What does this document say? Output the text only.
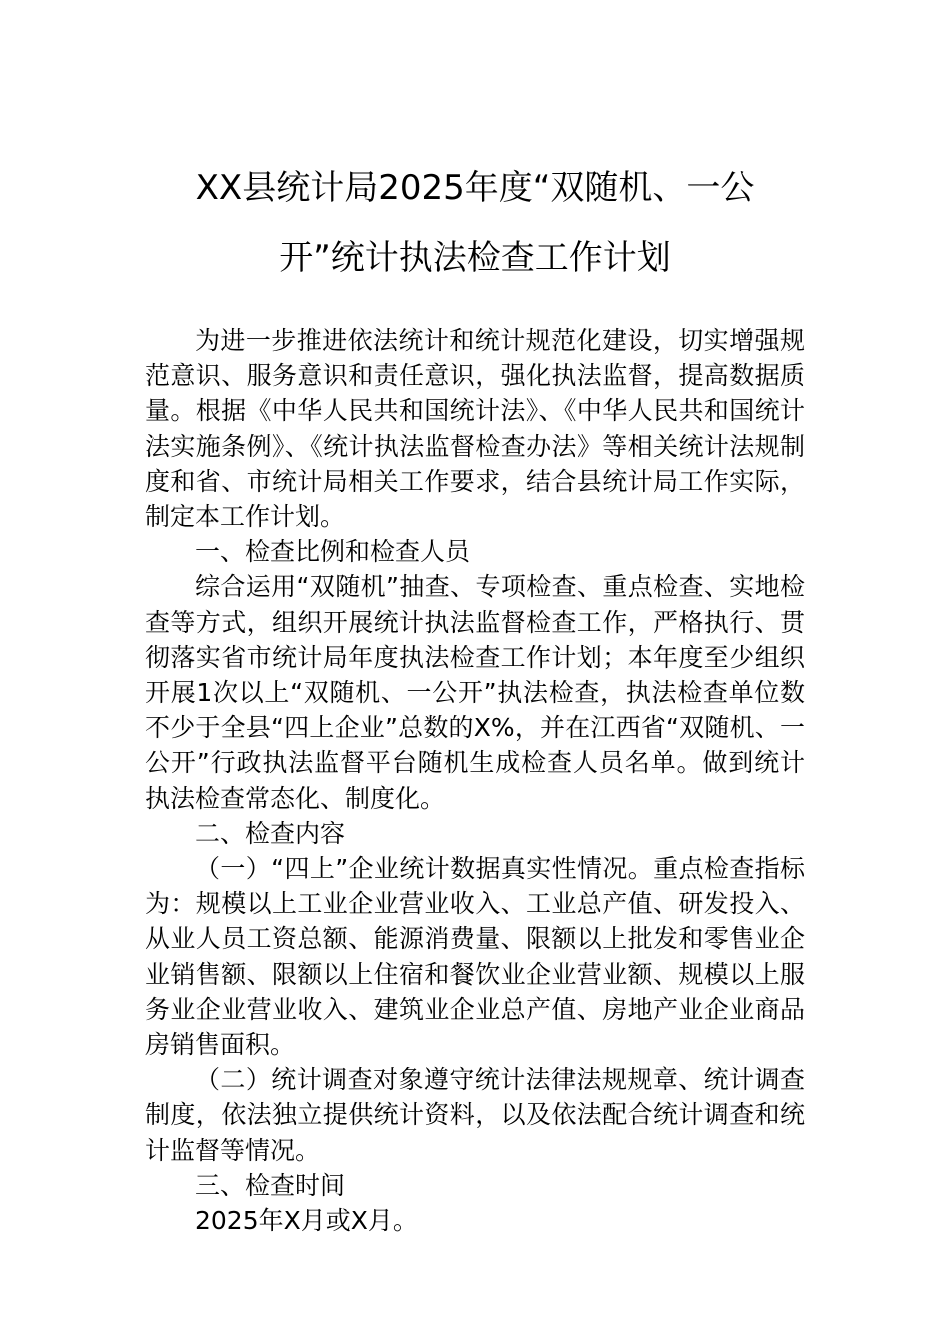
XX县统计局2025年度“双随机、一公
开”统计执法检查工作计划

为进一步推进依法统计和统计规范化建设，切实增强规范意识、服务意识和责任意识，强化执法监督，提高数据质量。根据《中华人民共和国统计法》、《中华人民共和国统计法实施条例》、《统计执法监督检查办法》等相关统计法规制度和省、市统计局相关工作要求，结合县统计局工作实际，制定本工作计划。

一、检查比例和检查人员

综合运用“双随机”抽查、专项检查、重点检查、实地检查等方式，组织开展统计执法监督检查工作，严格执行、贯彻落实省市统计局年度执法检查工作计划；本年度至少组织开展1次以上“双随机、一公开”执法检查，执法检查单位数不少于全县“四上企业”总数的X%，并在江西省“双随机、一公开”行政执法监督平台随机生成检查人员名单。做到统计执法检查常态化、制度化。

二、检查内容

（一）“四上”企业统计数据真实性情况。重点检查指标为：规模以上工业企业营业收入、工业总产值、研发投入、从业人员工资总额、能源消费量、限额以上批发和零售业企业销售额、限额以上住宿和餐饮业企业营业额、规模以上服务业企业营业收入、建筑业企业总产值、房地产业企业商品房销售面积。

（二）统计调查对象遵守统计法律法规规章、统计调查制度，依法独立提供统计资料，以及依法配合统计调查和统计监督等情况。

三、检查时间

2025年X月或X月。
